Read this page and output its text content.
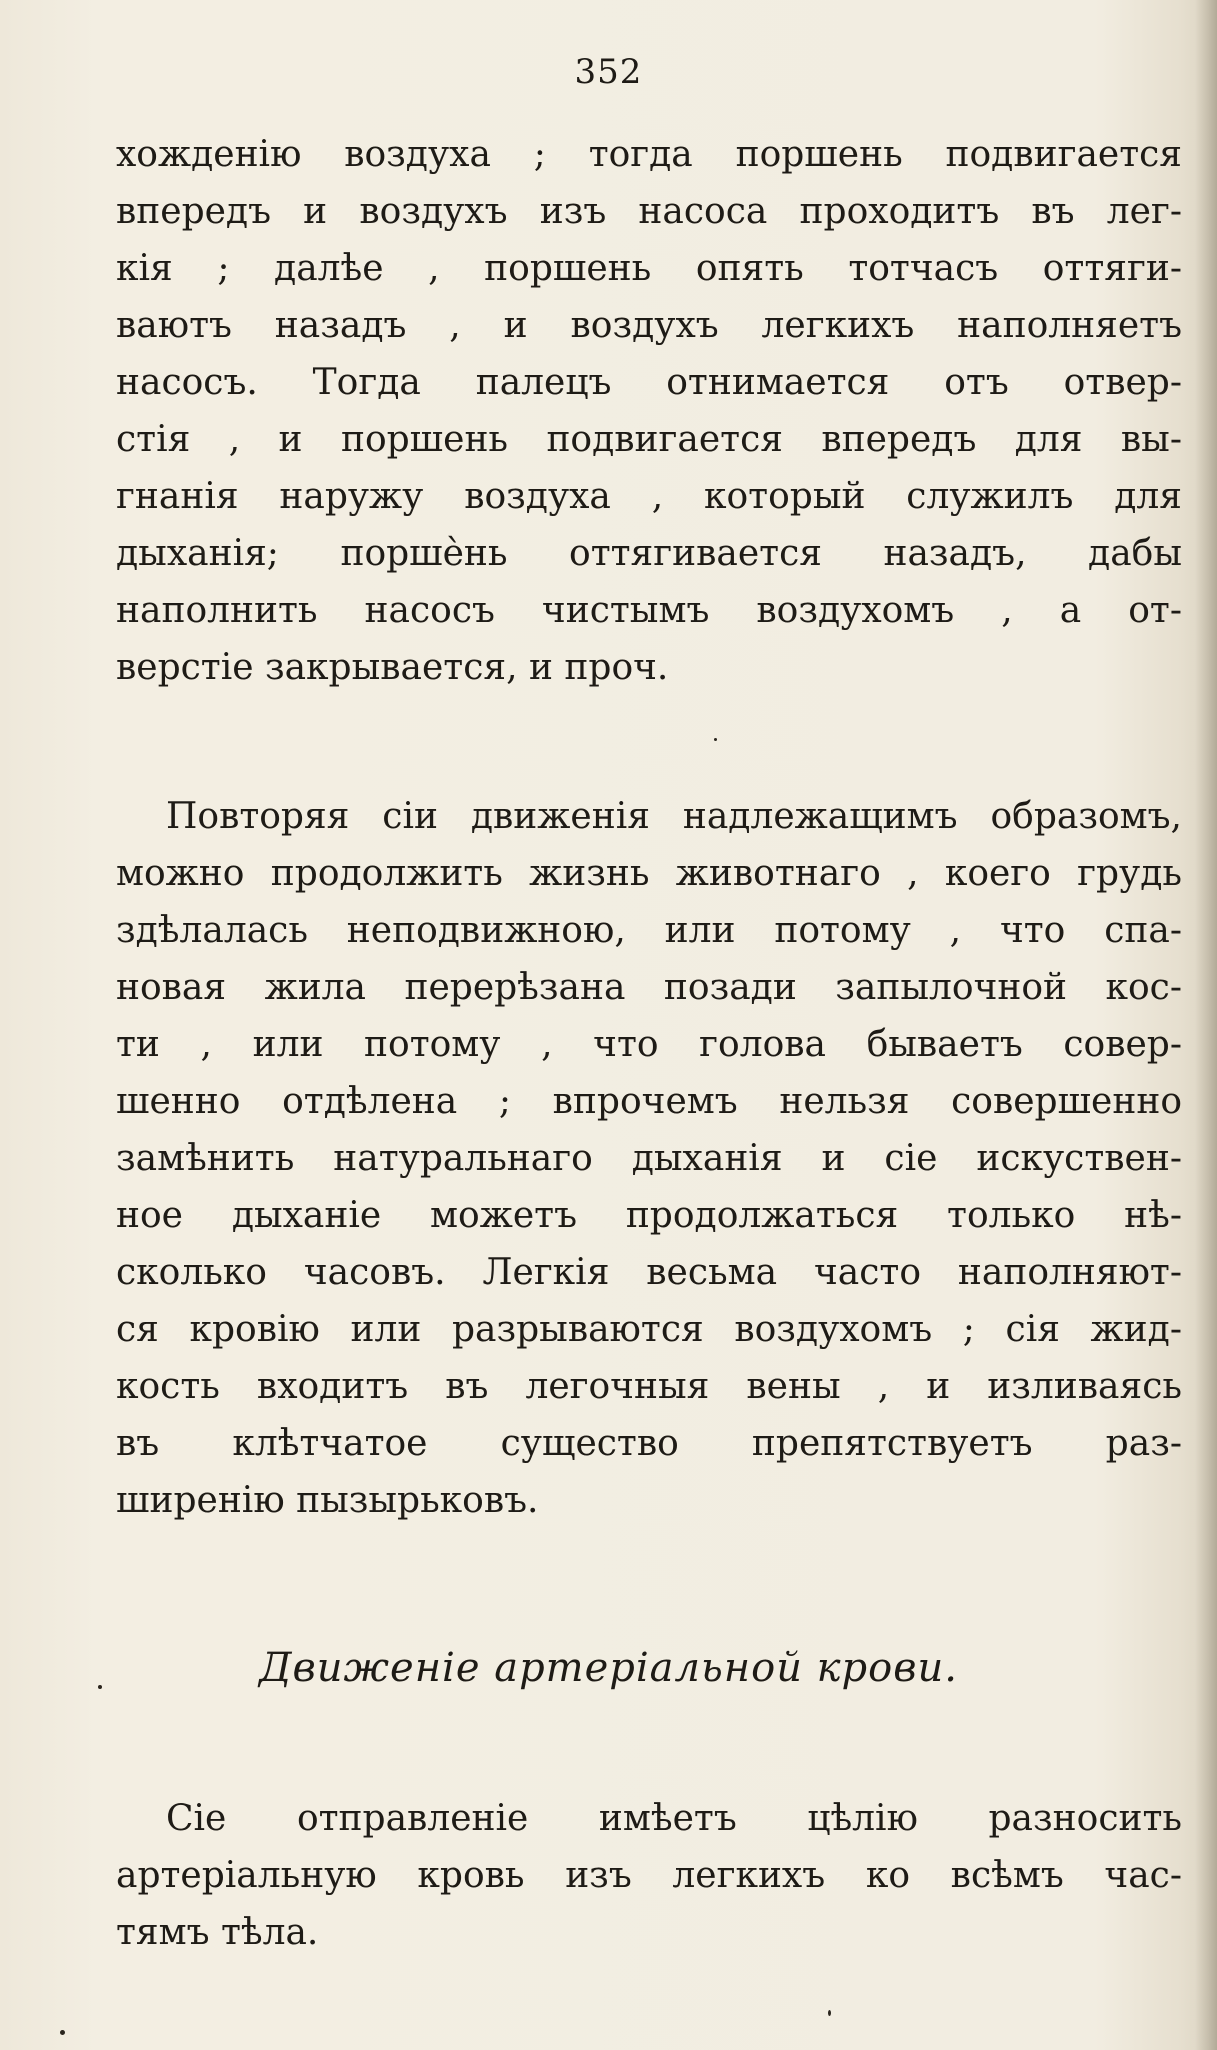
352
хожденію воздуха ; тогда поршень подвигается
впередъ и воздухъ изъ насоса проходитъ въ лег-
кія ; далѣе , поршень опять тотчасъ оттяги-
ваютъ назадъ , и воздухъ легкихъ наполняетъ
насосъ. Тогда палецъ отнимается отъ отвер-
стія , и поршень подвигается впередъ для вы-
гнанія наружу воздуха , который служилъ для
дыханія; поршѐнь оттягивается назадъ, дабы
наполнить насосъ чистымъ воздухомъ , а от-
верстіе закрывается, и проч.
Повторяя сіи движенія надлежащимъ образомъ,
можно продолжить жизнь животнаго , коего грудь
здѣлалась неподвижною, или потому , что спа-
новая жила перерѣзана позади запылочной кос-
ти , или потому , что голова бываетъ совер-
шенно отдѣлена ; впрочемъ нельзя совершенно
замѣнить натуральнаго дыханія и сіе искуствен-
ное дыханіе можетъ продолжаться только нѣ-
сколько часовъ. Легкія весьма часто наполняют-
ся кровію или разрываются воздухомъ ; сія жид-
кость входитъ въ легочныя вены , и изливаясь
въ клѣтчатое существо препятствуетъ раз-
ширенію пызырьковъ.
Движеніе артеріальной крови.
Сіе отправленіе имѣетъ цѣлію разносить
артеріальную кровь изъ легкихъ ко всѣмъ час-
тямъ тѣла.
